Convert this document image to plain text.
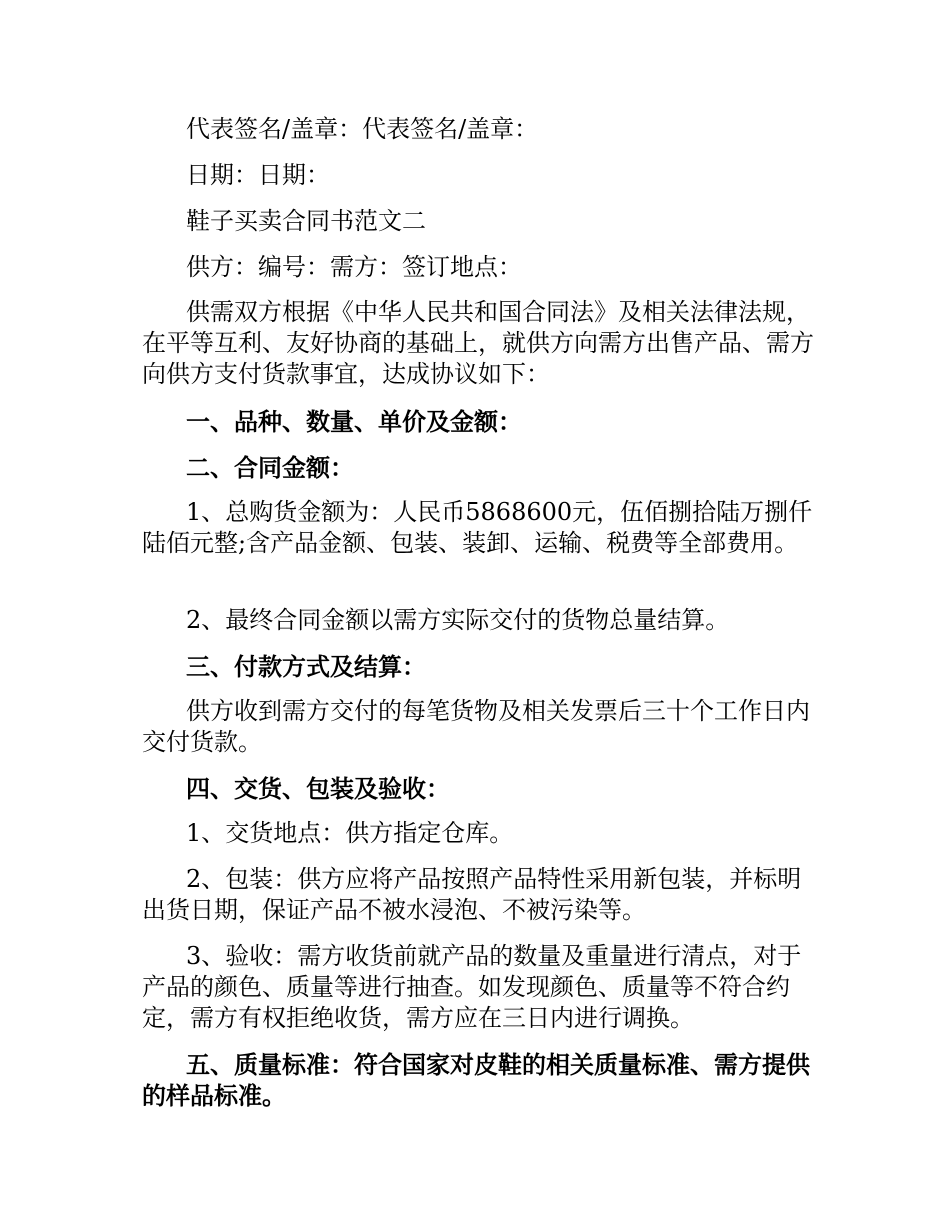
代表签名/盖章：代表签名/盖章：

日期：日期：

鞋子买卖合同书范文二

供方：编号：需方：签订地点：

供需双方根据《中华人民共和国合同法》及相关法律法规，在平等互利、友好协商的基础上，就供方向需方出售产品、需方向供方支付货款事宜，达成协议如下：

一、品种、数量、单价及金额：

二、合同金额：

1、总购货金额为：人民币5868600元，伍佰捌拾陆万捌仟陆佰元整;含产品金额、包装、装卸、运输、税费等全部费用。

2、最终合同金额以需方实际交付的货物总量结算。

三、付款方式及结算：

供方收到需方交付的每笔货物及相关发票后三十个工作日内交付货款。

四、交货、包装及验收：

1、交货地点：供方指定仓库。

2、包装：供方应将产品按照产品特性采用新包装，并标明出货日期，保证产品不被水浸泡、不被污染等。

3、验收：需方收货前就产品的数量及重量进行清点，对于产品的颜色、质量等进行抽查。如发现颜色、质量等不符合约定，需方有权拒绝收货，需方应在三日内进行调换。

五、质量标准：符合国家对皮鞋的相关质量标准、需方提供的样品标准。
